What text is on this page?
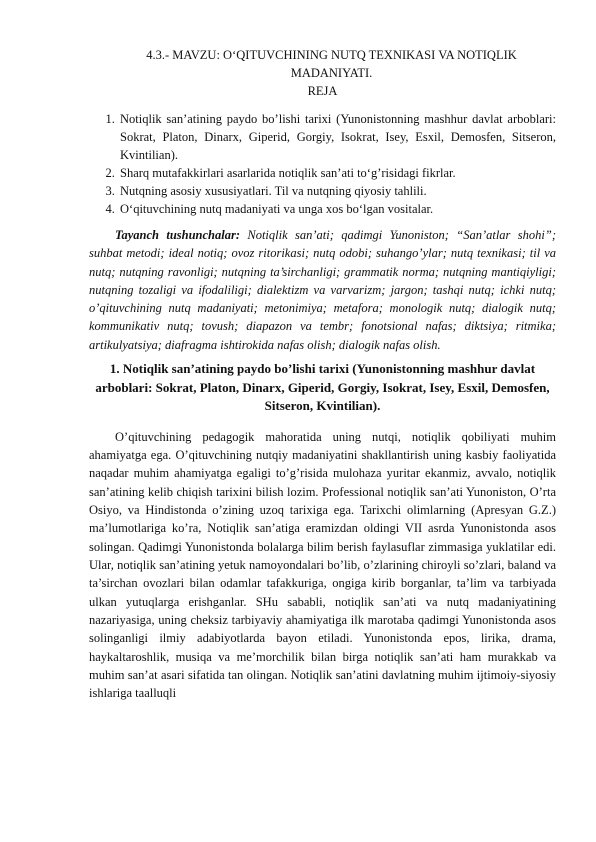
4.3.- MAVZU: O‘QITUVCHINING NUTQ TEXNIKASI VA NOTIQLIK
MADANIYATI.
REJA
1. Notiqlik san’atining paydo bo’lishi tarixi (Yunonistonning mashhur davlat arboblari: Sokrat, Platon, Dinarx, Giperid, Gorgiy, Isokrat, Isey, Esxil, Demosfen, Sitseron, Kvintilian).
2. Sharq mutafakkirlari asarlarida notiqlik san’ati to‘g’risidagi fikrlar.
3. Nutqning asosiy xususiyatlari. Til va nutqning qiyosiy tahlili.
4. O‘qituvchining nutq madaniyati va unga xos bo‘lgan vositalar.

Tayanch tushunchalar: Notiqlik san’ati; qadimgi Yunoniston; “San’atlar shohi”; suhbat metodi; ideal notiq; ovoz ritorikasi; nutq odobi; suhango’ylar; nutq texnikasi; til va nutq; nutqning ravonligi; nutqning ta’sirchanligi; grammatik norma; nutqning mantiqiyligi; nutqning tozaligi va ifodaliligi; dialektizm va varvarizm; jargon; tashqi nutq; ichki nutq; o’qituvchining nutq madaniyati; metonimiya; metafora; monologik nutq; dialogik nutq; kommunikativ nutq; tovush; diapazon va tembr; fonotsional nafas; diktsiya; ritmika; artikulyatsiya; diafragma ishtirokida nafas olish; dialogik nafas olish.

1. Notiqlik san’atining paydo bo’lishi tarixi (Yunonistonning mashhur davlat arboblari: Sokrat, Platon, Dinarx, Giperid, Gorgiy, Isokrat, Isey, Esxil, Demosfen, Sitseron, Kvintilian).

O’qituvchining pedagogik mahoratida uning nutqi, notiqlik qobiliyati muhim ahamiyatga ega. O’qituvchining nutqiy madaniyatini shakllantirish uning kasbiy faoliyatida naqadar muhim ahamiyatga egaligi to’g’risida mulohaza yuritar ekanmiz, avvalo, notiqlik san’atining kelib chiqish tarixini bilish lozim. Professional notiqlik san’ati Yunoniston, O’rta Osiyo, va Hindistonda o’zining uzoq tarixiga ega. Tarixchi olimlarning (Apresyan G.Z.) ma’lumotlariga ko’ra, Notiqlik san’atiga eramizdan oldingi VII asrda Yunonistonda asos solingan. Qadimgi Yunonistonda bolalarga bilim berish faylasuflar zimmasiga yuklatilar edi. Ular, notiqlik san’atining yetuk namoyondalari bo’lib, o’zlarining chiroyli so’zlari, baland va ta’sirchan ovozlari bilan odamlar tafakkuriga, ongiga kirib borganlar, ta’lim va tarbiyada ulkan yutuqlarga erishganlar. SHu sababli, notiqlik san’ati va nutq madaniyatining nazariyasiga, uning cheksiz tarbiyaviy ahamiyatiga ilk marotaba qadimgi Yunonistonda asos solinganligi ilmiy adabiyotlarda bayon etiladi. Yunonistonda epos, lirika, drama, haykaltaroshlik, musiqa va me’morchilik bilan birga notiqlik san’ati ham murakkab va muhim san’at asari sifatida tan olingan. Notiqlik san’atini davlatning muhim ijtimoiy-siyosiy ishlariga taalluqli
